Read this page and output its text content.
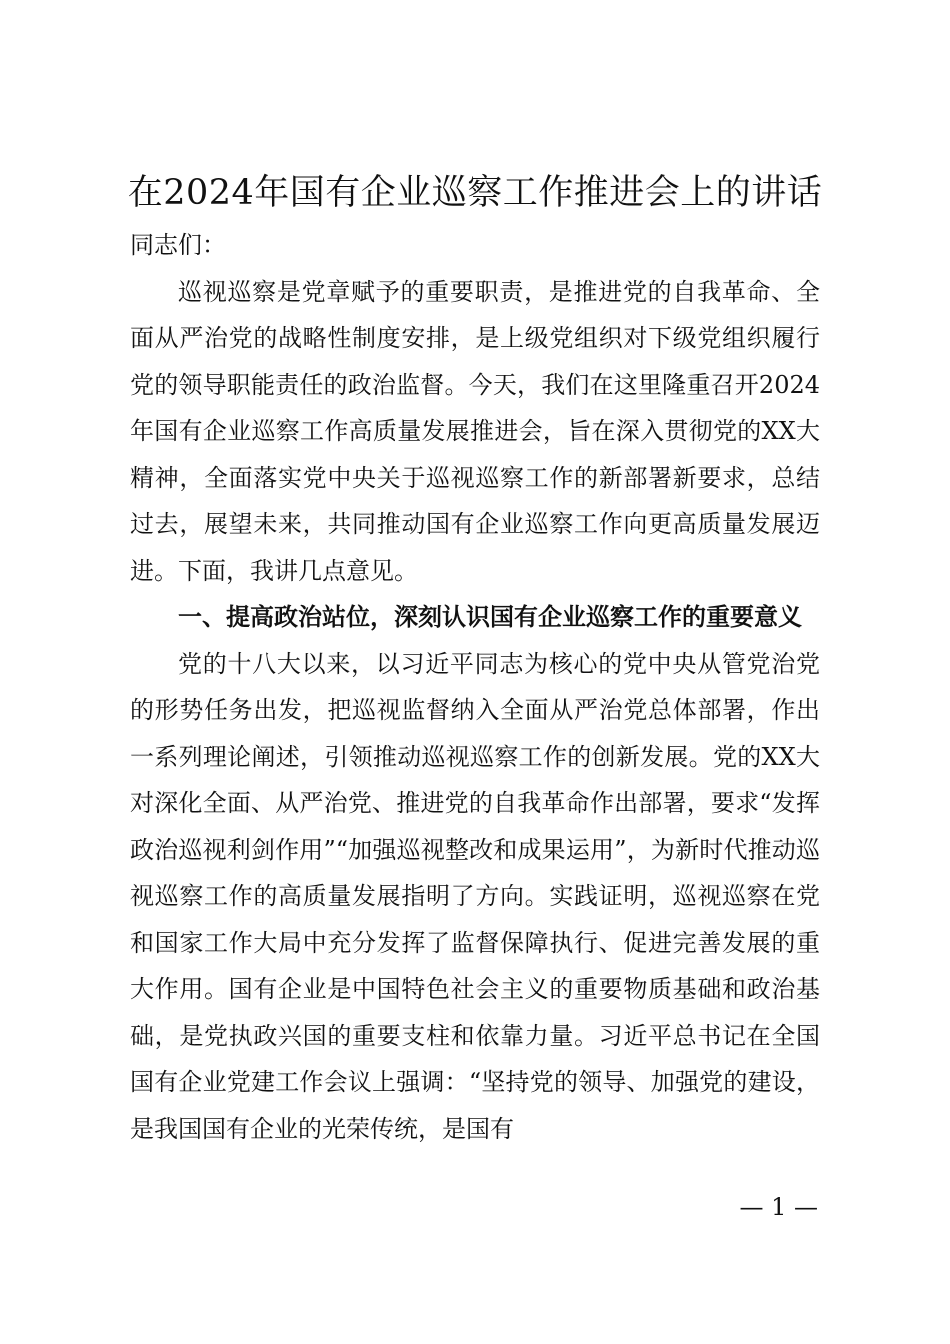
在2024年国有企业巡察工作推进会上的讲话

同志们：

巡视巡察是党章赋予的重要职责，是推进党的自我革命、全面从严治党的战略性制度安排，是上级党组织对下级党组织履行党的领导职能责任的政治监督。今天，我们在这里隆重召开2024年国有企业巡察工作高质量发展推进会，旨在深入贯彻党的XX大精神，全面落实党中央关于巡视巡察工作的新部署新要求，总结过去，展望未来，共同推动国有企业巡察工作向更高质量发展迈进。下面，我讲几点意见。

一、提高政治站位，深刻认识国有企业巡察工作的重要意义

党的十八大以来，以习近平同志为核心的党中央从管党治党的形势任务出发，把巡视监督纳入全面从严治党总体部署，作出一系列理论阐述，引领推动巡视巡察工作的创新发展。党的XX大对深化全面、从严治党、推进党的自我革命作出部署，要求“发挥政治巡视利剑作用”“加强巡视整改和成果运用”，为新时代推动巡视巡察工作的高质量发展指明了方向。实践证明，巡视巡察在党和国家工作大局中充分发挥了监督保障执行、促进完善发展的重大作用。国有企业是中国特色社会主义的重要物质基础和政治基础，是党执政兴国的重要支柱和依靠力量。习近平总书记在全国国有企业党建工作会议上强调：“坚持党的领导、加强党的建设，是我国国有企业的光荣传统，是国有

— 1 —
